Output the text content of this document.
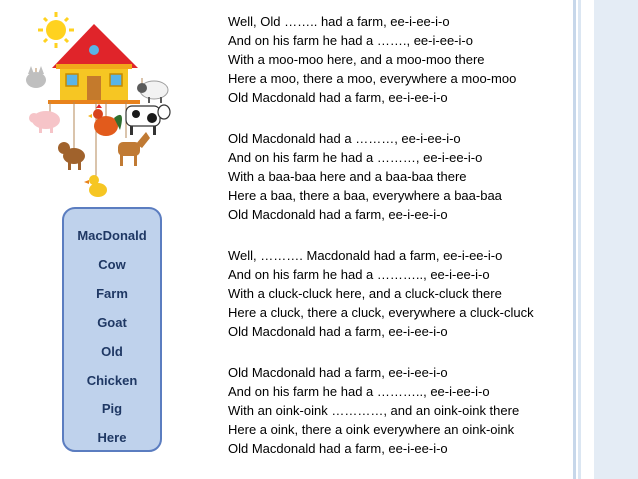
MacDonald
Cow
Farm
Goat
Old
Chicken
Pig
Here
Well, Old …….. had a farm, ee-i-ee-i-o
And on his farm he had a ……., ee-i-ee-i-o
With a moo-moo here, and a moo-moo there
Here a moo, there a moo, everywhere a moo-moo
Old Macdonald had a farm, ee-i-ee-i-o
Old Macdonald had a ………, ee-i-ee-i-o
And on his farm he had a ………, ee-i-ee-i-o
With a baa-baa here and a baa-baa there
Here a baa, there a baa, everywhere a baa-baa
Old Macdonald had a farm, ee-i-ee-i-o
Well, ………. Macdonald had a farm, ee-i-ee-i-o
And on his farm he had a ……….., ee-i-ee-i-o
With a cluck-cluck here, and a cluck-cluck there
Here a cluck, there a cluck, everywhere a cluck-cluck
Old Macdonald had a farm, ee-i-ee-i-o
Old Macdonald had a farm, ee-i-ee-i-o
And on his farm he had a ……….., ee-i-ee-i-o
With an oink-oink …………, and an oink-oink there
Here a oink, there a oink everywhere an oink-oink
Old Macdonald had a farm, ee-i-ee-i-o
